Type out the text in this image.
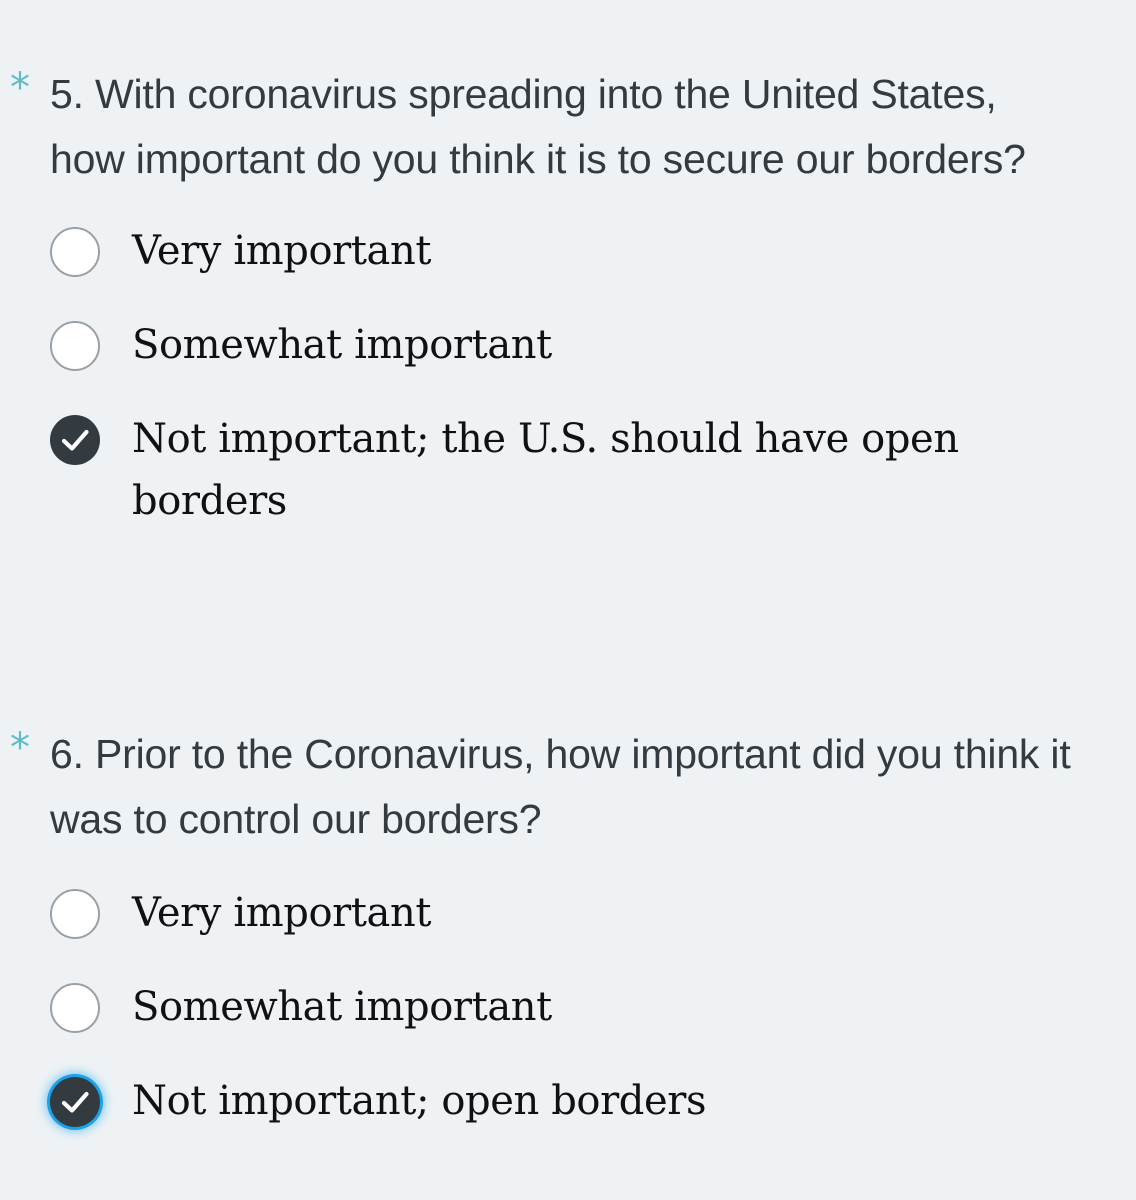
* 5. With coronavirus spreading into the United States, how important do you think it is to secure our borders?
Very important
Somewhat important
Not important; the U.S. should have open borders
* 6. Prior to the Coronavirus, how important did you think it was to control our borders?
Very important
Somewhat important
Not important; open borders
